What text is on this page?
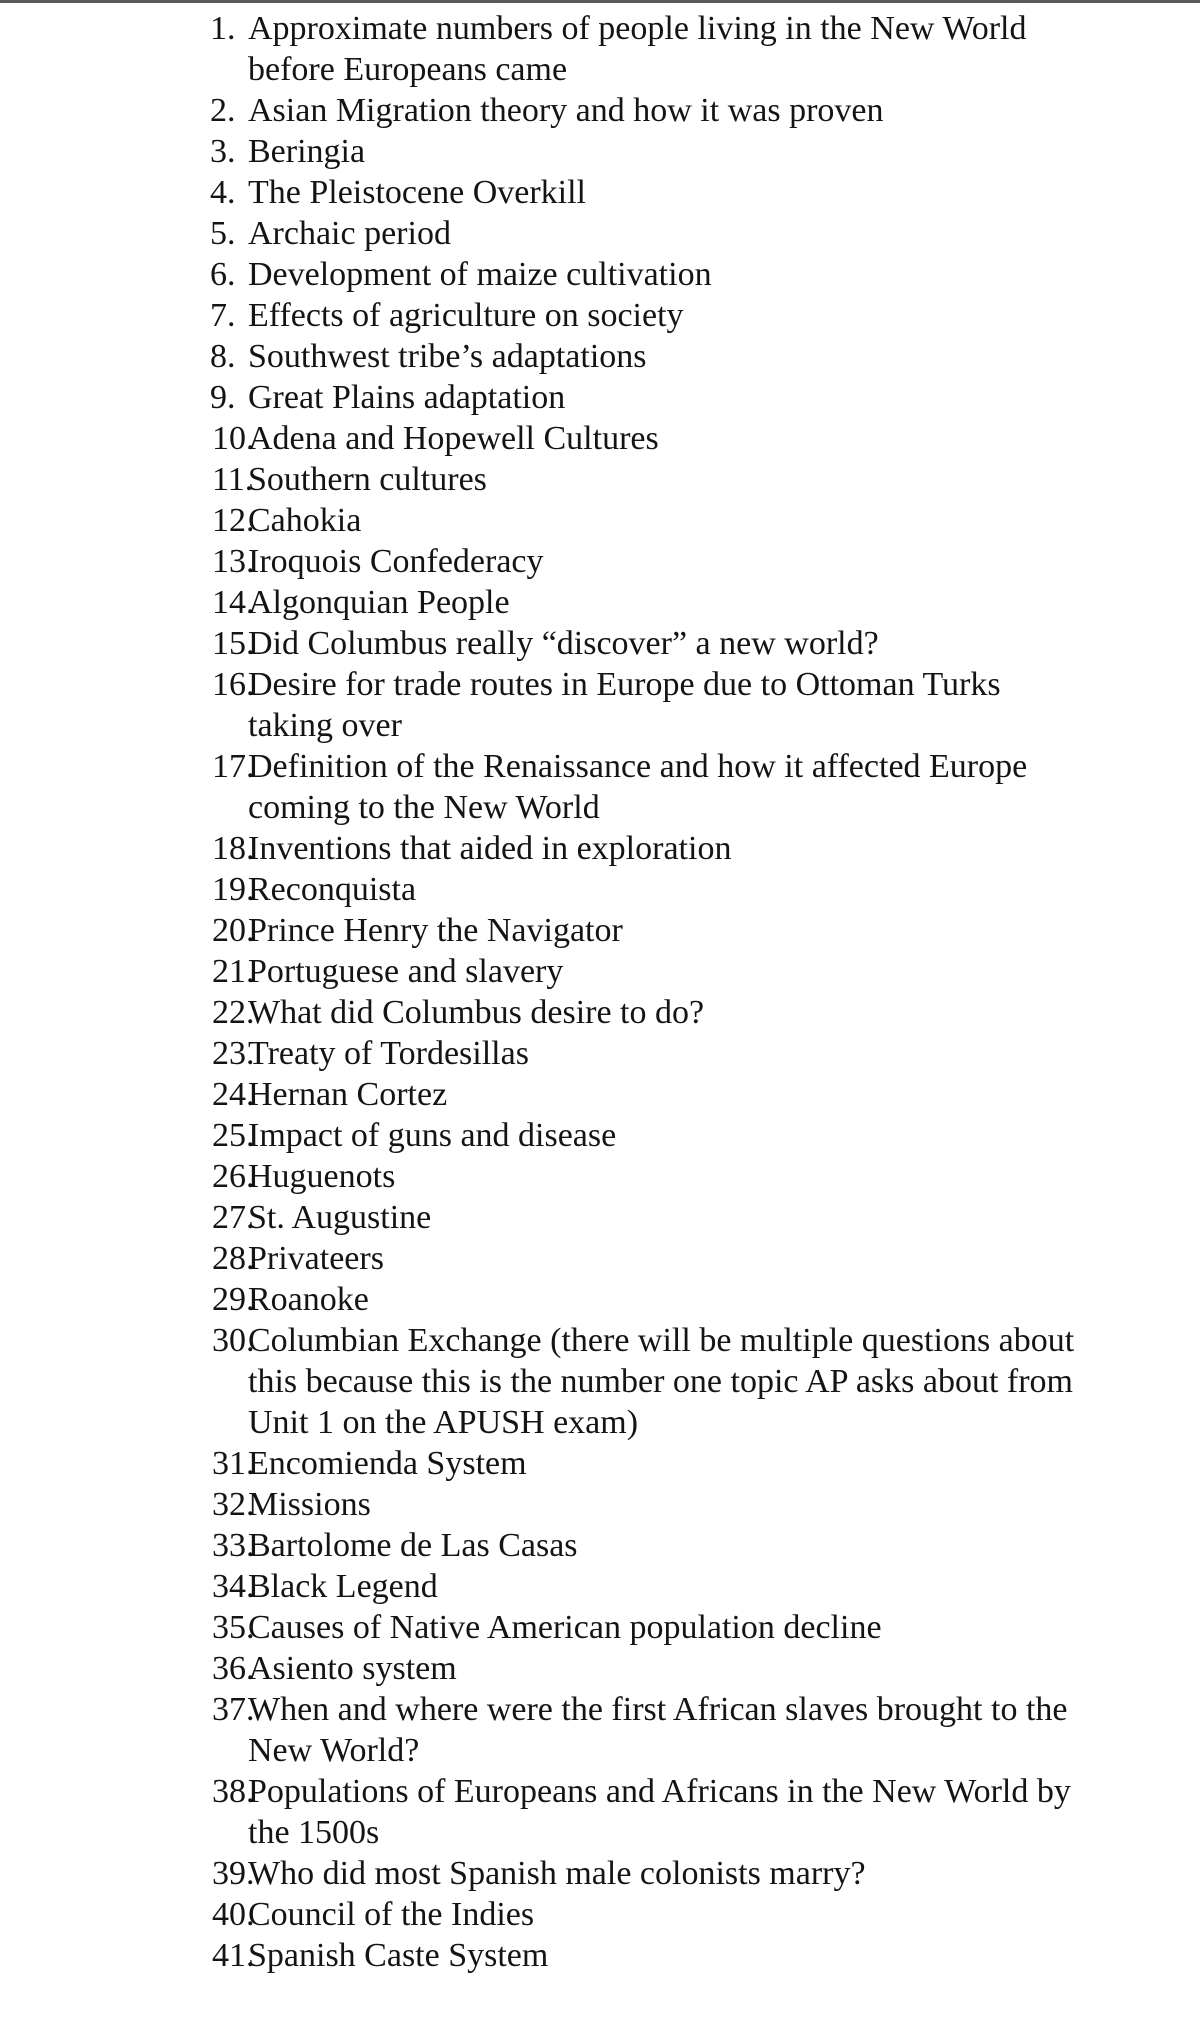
1. Approximate numbers of people living in the New World before Europeans came
2. Asian Migration theory and how it was proven
3. Beringia
4. The Pleistocene Overkill
5. Archaic period
6. Development of maize cultivation
7. Effects of agriculture on society
8. Southwest tribe’s adaptations
9. Great Plains adaptation
10.
Adena and Hopewell Cultures
11.
Southern cultures
12.
Cahokia
13.
Iroquois Confederacy
14.
Algonquian People
15.
Did Columbus really “discover” a new world?
16.
Desire for trade routes in Europe due to Ottoman Turks taking over
17.
Definition of the Renaissance and how it affected Europe coming to the New World
18.
Inventions that aided in exploration
19.
Reconquista
20.
Prince Henry the Navigator
21.
Portuguese and slavery
22.
What did Columbus desire to do?
23.
Treaty of Tordesillas
24.
Hernan Cortez
25.
Impact of guns and disease
26.
Huguenots
27.
St. Augustine
28.
Privateers
29.
Roanoke
30.
Columbian Exchange (there will be multiple questions about this because this is the number one topic AP asks about from Unit 1 on the APUSH exam)
31.
Encomienda System
32.
Missions
33.
Bartolome de Las Casas
34.
Black Legend
35.
Causes of Native American population decline
36.
Asiento system
37.
When and where were the first African slaves brought to the New World?
38.
Populations of Europeans and Africans in the New World by the 1500s
39.
Who did most Spanish male colonists marry?
40.
Council of the Indies
41.
Spanish Caste System
